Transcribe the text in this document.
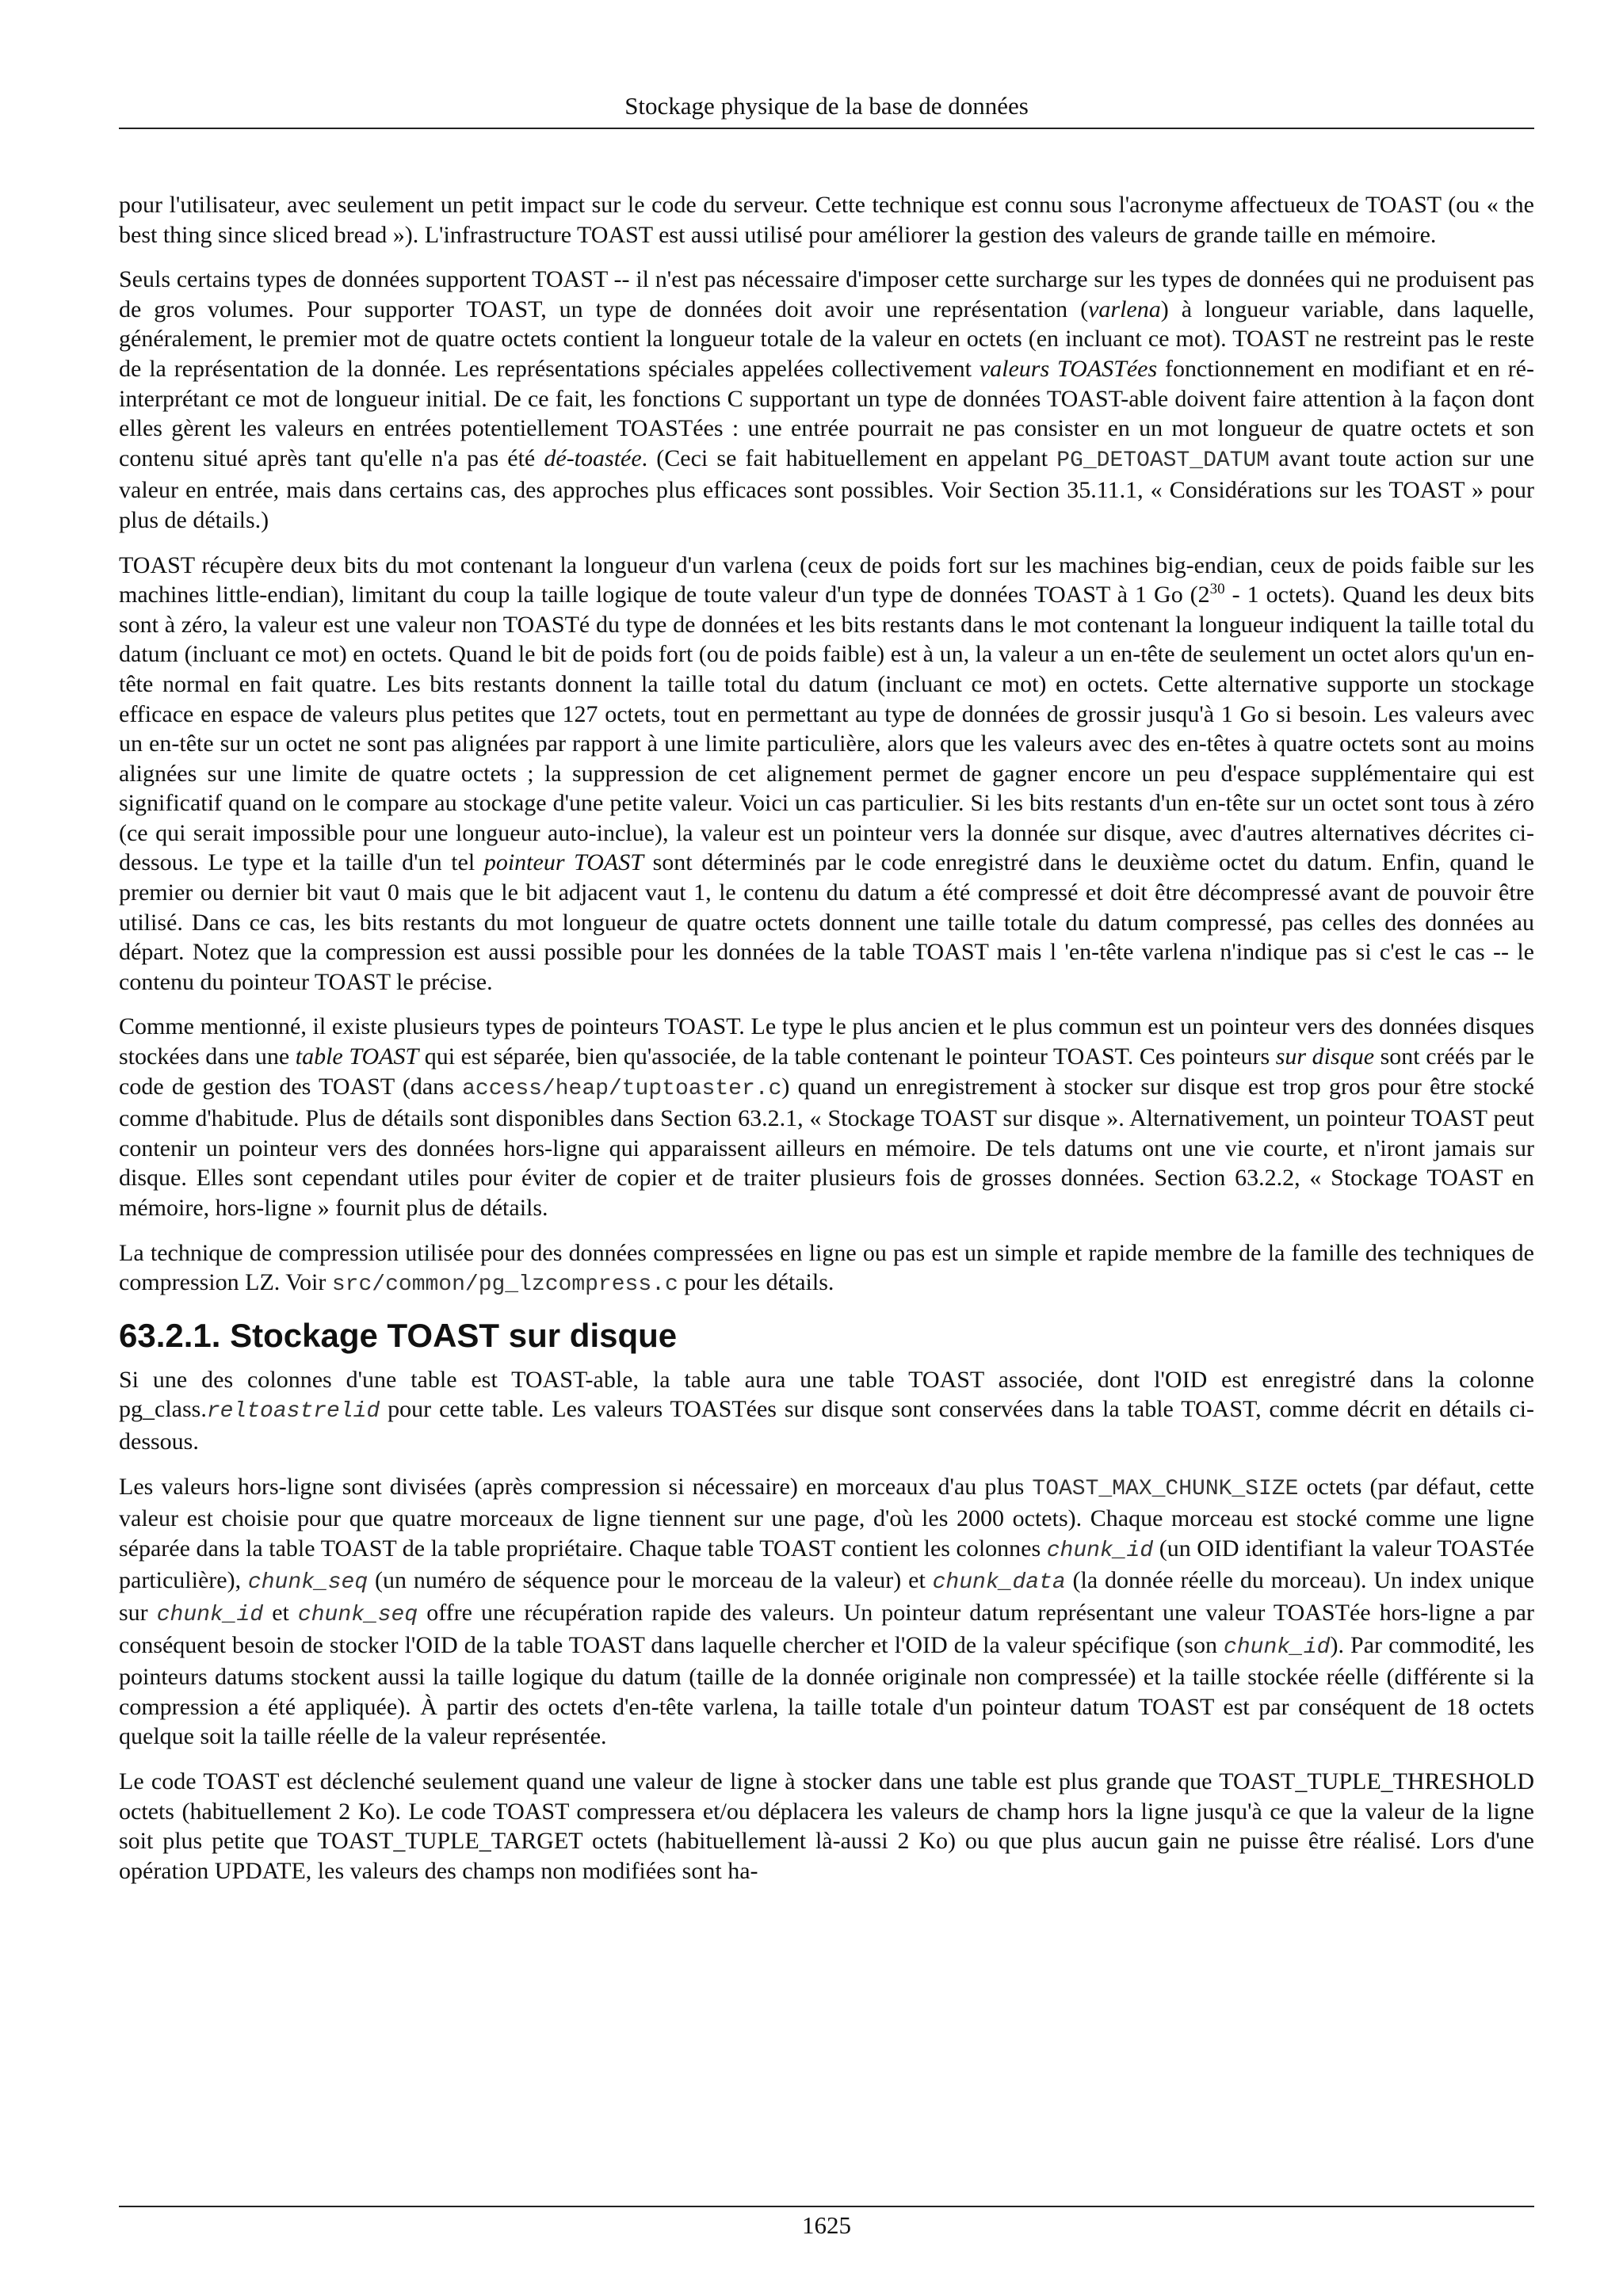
Stockage physique de la base de données

pour l'utilisateur, avec seulement un petit impact sur le code du serveur. Cette technique est connu sous l'acronyme affectueux de TOAST (ou « the best thing since sliced bread »). L'infrastructure TOAST est aussi utilisé pour améliorer la gestion des valeurs de grande taille en mémoire.

Seuls certains types de données supportent TOAST -- il n'est pas nécessaire d'imposer cette surcharge sur les types de données qui ne produisent pas de gros volumes. Pour supporter TOAST, un type de données doit avoir une représentation (varlena) à longueur variable, dans laquelle, généralement, le premier mot de quatre octets contient la longueur totale de la valeur en octets (en incluant ce mot). TOAST ne restreint pas le reste de la représentation de la donnée. Les représentations spéciales appelées collectivement valeurs TOASTées fonctionnement en modifiant et en ré-interprétant ce mot de longueur initial. De ce fait, les fonctions C supportant un type de données TOAST-able doivent faire attention à la façon dont elles gèrent les valeurs en entrées potentiellement TOASTées : une entrée pourrait ne pas consister en un mot longueur de quatre octets et son contenu situé après tant qu'elle n'a pas été dé-toastée. (Ceci se fait habituellement en appelant PG_DETOAST_DATUM avant toute action sur une valeur en entrée, mais dans certains cas, des approches plus efficaces sont possibles. Voir Section 35.11.1, « Considérations sur les TOAST » pour plus de détails.)

TOAST récupère deux bits du mot contenant la longueur d'un varlena (ceux de poids fort sur les machines big-endian, ceux de poids faible sur les machines little-endian), limitant du coup la taille logique de toute valeur d'un type de données TOAST à 1 Go ($2^{30} - 1$ octets). Quand les deux bits sont à zéro, la valeur est une valeur non TOASTé du type de données et les bits restants dans le mot contenant la longueur indiquent la taille total du datum (incluant ce mot) en octets. Quand le bit de poids fort (ou de poids faible) est à un, la valeur a un en-tête de seulement un octet alors qu'un en-tête normal en fait quatre. Les bits restants donnent la taille total du datum (incluant ce mot) en octets. Cette alternative supporte un stockage efficace en espace de valeurs plus petites que 127 octets, tout en permettant au type de données de grossir jusqu'à 1 Go si besoin. Les valeurs avec un en-tête sur un octet ne sont pas alignées par rapport à une limite particulière, alors que les valeurs avec des en-têtes à quatre octets sont au moins alignées sur une limite de quatre octets ; la suppression de cet alignement permet de gagner encore un peu d'espace supplémentaire qui est significatif quand on le compare au stockage d'une petite valeur. Voici un cas particulier. Si les bits restants d'un en-tête sur un octet sont tous à zéro (ce qui serait impossible pour une longueur auto-inclue), la valeur est un pointeur vers la donnée sur disque, avec d'autres alternatives décrites ci-dessous. Le type et la taille d'un tel pointeur TOAST sont déterminés par le code enregistré dans le deuxième octet du datum. Enfin, quand le premier ou dernier bit vaut 0 mais que le bit adjacent vaut 1, le contenu du datum a été compressé et doit être décompressé avant de pouvoir être utilisé. Dans ce cas, les bits restants du mot longueur de quatre octets donnent une taille totale du datum compressé, pas celles des données au départ. Notez que la compression est aussi possible pour les données de la table TOAST mais l 'en-tête varlena n'indique pas si c'est le cas -- le contenu du pointeur TOAST le précise.

Comme mentionné, il existe plusieurs types de pointeurs TOAST. Le type le plus ancien et le plus commun est un pointeur vers des données disques stockées dans une table TOAST qui est séparée, bien qu'associée, de la table contenant le pointeur TOAST. Ces pointeurs sur disque sont créés par le code de gestion des TOAST (dans access/heap/tuptoaster.c) quand un enregistrement à stocker sur disque est trop gros pour être stocké comme d'habitude. Plus de détails sont disponibles dans Section 63.2.1, « Stockage TOAST sur disque ». Alternativement, un pointeur TOAST peut contenir un pointeur vers des données hors-ligne qui apparaissent ailleurs en mémoire. De tels datums ont une vie courte, et n'iront jamais sur disque. Elles sont cependant utiles pour éviter de copier et de traiter plusieurs fois de grosses données. Section 63.2.2, « Stockage TOAST en mémoire, hors-ligne » fournit plus de détails.

La technique de compression utilisée pour des données compressées en ligne ou pas est un simple et rapide membre de la famille des techniques de compression LZ. Voir src/common/pg_lzcompress.c pour les détails.

63.2.1. Stockage TOAST sur disque

Si une des colonnes d'une table est TOAST-able, la table aura une table TOAST associée, dont l'OID est enregistré dans la colonne pg_class.reltoastrelid pour cette table. Les valeurs TOASTées sur disque sont conservées dans la table TOAST, comme décrit en détails ci-dessous.

Les valeurs hors-ligne sont divisées (après compression si nécessaire) en morceaux d'au plus TOAST_MAX_CHUNK_SIZE octets (par défaut, cette valeur est choisie pour que quatre morceaux de ligne tiennent sur une page, d'où les 2000 octets). Chaque morceau est stocké comme une ligne séparée dans la table TOAST de la table propriétaire. Chaque table TOAST contient les colonnes chunk_id (un OID identifiant la valeur TOASTée particulière), chunk_seq (un numéro de séquence pour le morceau de la valeur) et chunk_data (la donnée réelle du morceau). Un index unique sur chunk_id et chunk_seq offre une récupération rapide des valeurs. Un pointeur datum représentant une valeur TOASTée hors-ligne a par conséquent besoin de stocker l'OID de la table TOAST dans laquelle chercher et l'OID de la valeur spécifique (son chunk_id). Par commodité, les pointeurs datums stockent aussi la taille logique du datum (taille de la donnée originale non compressée) et la taille stockée réelle (différente si la compression a été appliquée). À partir des octets d'en-tête varlena, la taille totale d'un pointeur datum TOAST est par conséquent de 18 octets quelque soit la taille réelle de la valeur représentée.

Le code TOAST est déclenché seulement quand une valeur de ligne à stocker dans une table est plus grande que TOAST_TUPLE_THRESHOLD octets (habituellement 2 Ko). Le code TOAST compressera et/ou déplacera les valeurs de champ hors la ligne jusqu'à ce que la valeur de la ligne soit plus petite que TOAST_TUPLE_TARGET octets (habituellement là-aussi 2 Ko) ou que plus aucun gain ne puisse être réalisé. Lors d'une opération UPDATE, les valeurs des champs non modifiées sont ha-

1625
